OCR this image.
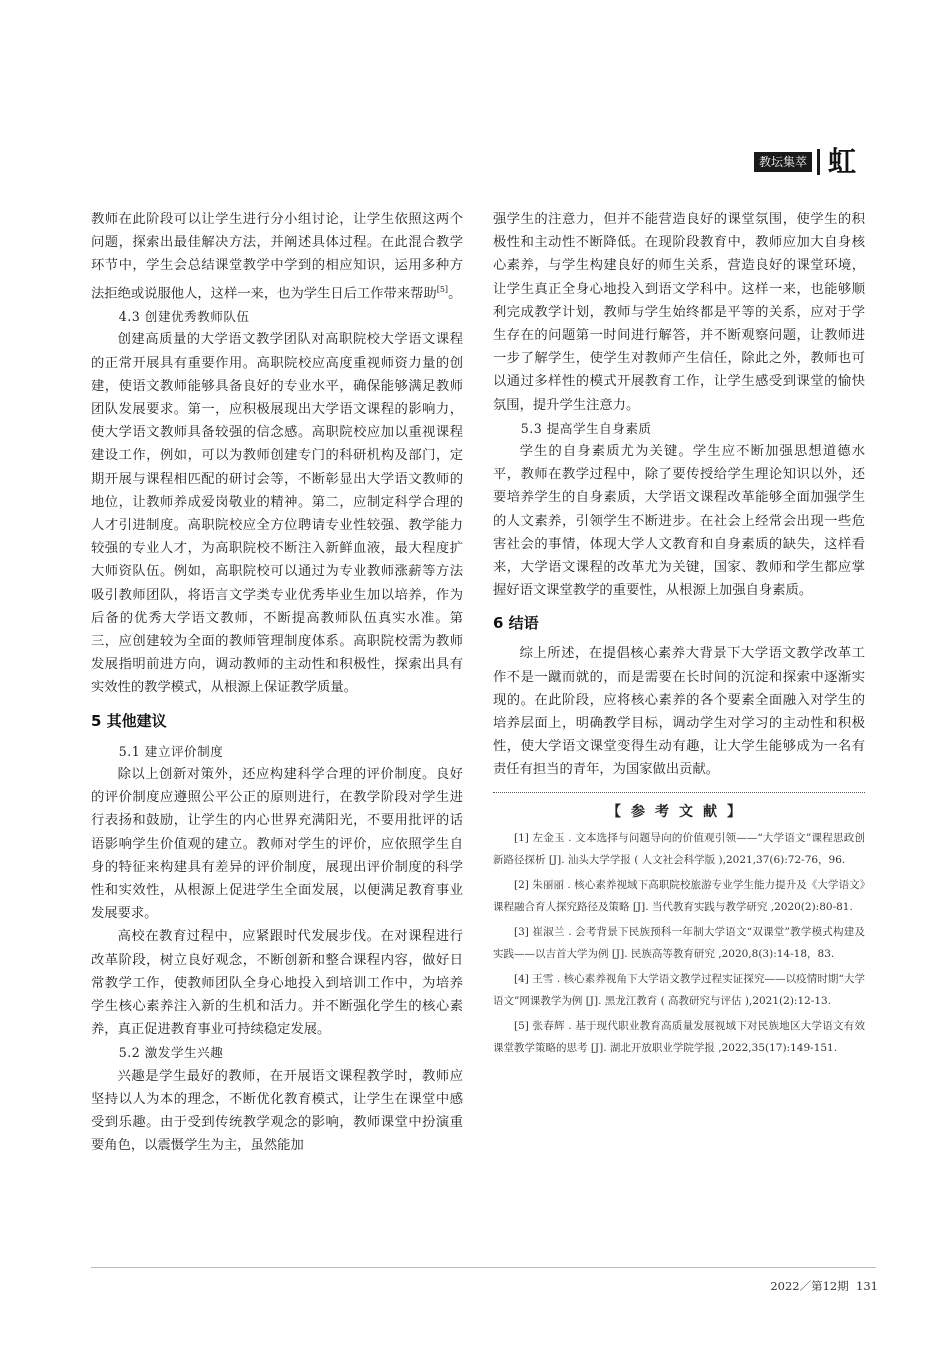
教坛集萃 虹

教师在此阶段可以让学生进行分小组讨论，让学生依照这两个问题，探索出最佳解决方法，并阐述具体过程。在此混合教学环节中，学生会总结课堂教学中学到的相应知识，运用多种方法拒绝或说服他人，这样一来，也为学生日后工作带来帮助[5]。

4.3 创建优秀教师队伍

创建高质量的大学语文教学团队对高职院校大学语文课程的正常开展具有重要作用。高职院校应高度重视师资力量的创建，使语文教师能够具备良好的专业水平，确保能够满足教师团队发展要求。第一，应积极展现出大学语文课程的影响力，使大学语文教师具备较强的信念感。高职院校应加以重视课程建设工作，例如，可以为教师创建专门的科研机构及部门，定期开展与课程相匹配的研讨会等，不断彰显出大学语文教师的地位，让教师养成爱岗敬业的精神。第二，应制定科学合理的人才引进制度。高职院校应全方位聘请专业性较强、教学能力较强的专业人才，为高职院校不断注入新鲜血液，最大程度扩大师资队伍。例如，高职院校可以通过为专业教师涨薪等方法吸引教师团队，将语言文学类专业优秀毕业生加以培养，作为后备的优秀大学语文教师，不断提高教师队伍真实水准。第三，应创建较为全面的教师管理制度体系。高职院校需为教师发展指明前进方向，调动教师的主动性和积极性，探索出具有实效性的教学模式，从根源上保证教学质量。

5 其他建议

5.1 建立评价制度

除以上创新对策外，还应构建科学合理的评价制度。良好的评价制度应遵照公平公正的原则进行，在教学阶段对学生进行表扬和鼓励，让学生的内心世界充满阳光，不要用批评的话语影响学生价值观的建立。教师对学生的评价，应依照学生自身的特征来构建具有差异的评价制度，展现出评价制度的科学性和实效性，从根源上促进学生全面发展，以便满足教育事业发展要求。

高校在教育过程中，应紧跟时代发展步伐。在对课程进行改革阶段，树立良好观念，不断创新和整合课程内容，做好日常教学工作，使教师团队全身心地投入到培训工作中，为培养学生核心素养注入新的生机和活力。并不断强化学生的核心素养，真正促进教育事业可持续稳定发展。

5.2 激发学生兴趣

兴趣是学生最好的教师，在开展语文课程教学时，教师应坚持以人为本的理念，不断优化教育模式，让学生在课堂中感受到乐趣。由于受到传统教学观念的影响，教师课堂中扮演重要角色，以震慑学生为主，虽然能加

强学生的注意力，但并不能营造良好的课堂氛围，使学生的积极性和主动性不断降低。在现阶段教育中，教师应加大自身核心素养，与学生构建良好的师生关系，营造良好的课堂环境，让学生真正全身心地投入到语文学科中。这样一来，也能够顺利完成教学计划，教师与学生始终都是平等的关系，应对于学生存在的问题第一时间进行解答，并不断观察问题，让教师进一步了解学生，使学生对教师产生信任，除此之外，教师也可以通过多样性的模式开展教育工作，让学生感受到课堂的愉快氛围，提升学生注意力。

5.3 提高学生自身素质

学生的自身素质尤为关键。学生应不断加强思想道德水平，教师在教学过程中，除了要传授给学生理论知识以外，还要培养学生的自身素质，大学语文课程改革能够全面加强学生的人文素养，引领学生不断进步。在社会上经常会出现一些危害社会的事情，体现大学人文教育和自身素质的缺失，这样看来，大学语文课程的改革尤为关键，国家、教师和学生都应掌握好语文课堂教学的重要性，从根源上加强自身素质。

6 结语

综上所述，在提倡核心素养大背景下大学语文教学改革工作不是一蹴而就的，而是需要在长时间的沉淀和探索中逐渐实现的。在此阶段，应将核心素养的各个要素全面融入对学生的培养层面上，明确教学目标，调动学生对学习的主动性和积极性，使大学语文课堂变得生动有趣，让大学生能够成为一名有责任有担当的青年，为国家做出贡献。

【参考文献】

[1] 左金玉 . 文本选择与问题导向的价值观引领——“大学语文”课程思政创新路径探析 [J]. 汕头大学学报 ( 人文社会科学版 ),2021,37(6):72-76，96.

[2] 朱丽丽 . 核心素养视域下高职院校旅游专业学生能力提升及《大学语文》课程融合育人探究路径及策略 [J]. 当代教育实践与教学研究 ,2020(2):80-81.

[3] 崔淑兰 . 会考背景下民族预科一年制大学语文“双课堂”教学模式构建及实践——以吉首大学为例 [J]. 民族高等教育研究 ,2020,8(3):14-18，83.

[4] 王雪 . 核心素养视角下大学语文教学过程实证探究——以疫情时期“大学语文”网课教学为例 [J]. 黑龙江教育 ( 高教研究与评估 ),2021(2):12-13.

[5] 张春辉 . 基于现代职业教育高质量发展视域下对民族地区大学语文有效课堂教学策略的思考 [J]. 湖北开放职业学院学报 ,2022,35(17):149-151.

2022／第12期 131
